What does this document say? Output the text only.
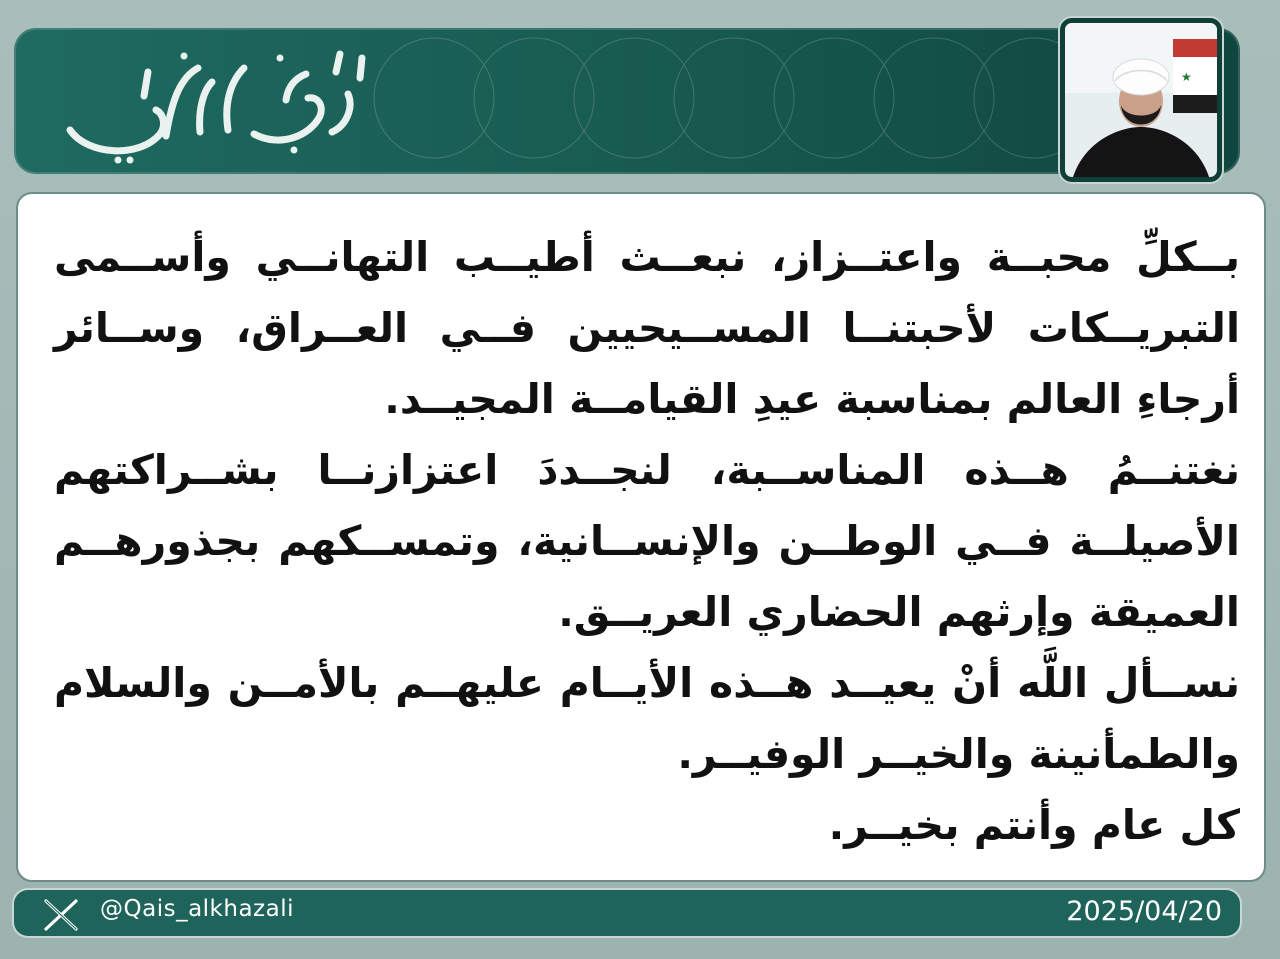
★

بــكلِّ محبــة واعتــزاز، نبعــث أطيــب التهانــي وأســمى التبريــكات لأحبتنــا المســيحيين فــي العــراق، وســائر أرجاءِ العالم بمناسبة عيدِ القيامــة المجيــد.

نغتنــمُ هــذه المناســبة، لنجــددَ اعتزازنــا بشــراكتهم الأصيلــة فــي الوطــن والإنســانية، وتمســكهم بجذورهــم العميقة وإرثهم الحضاري العريــق.

نســأل اللَّه أنْ يعيــد هــذه الأيــام عليهــم بالأمــن والسلام والطمأنينة والخيــر الوفيــر.

كل عام وأنتم بخيــر.

@Qais_alkhazali	2025/04/20
